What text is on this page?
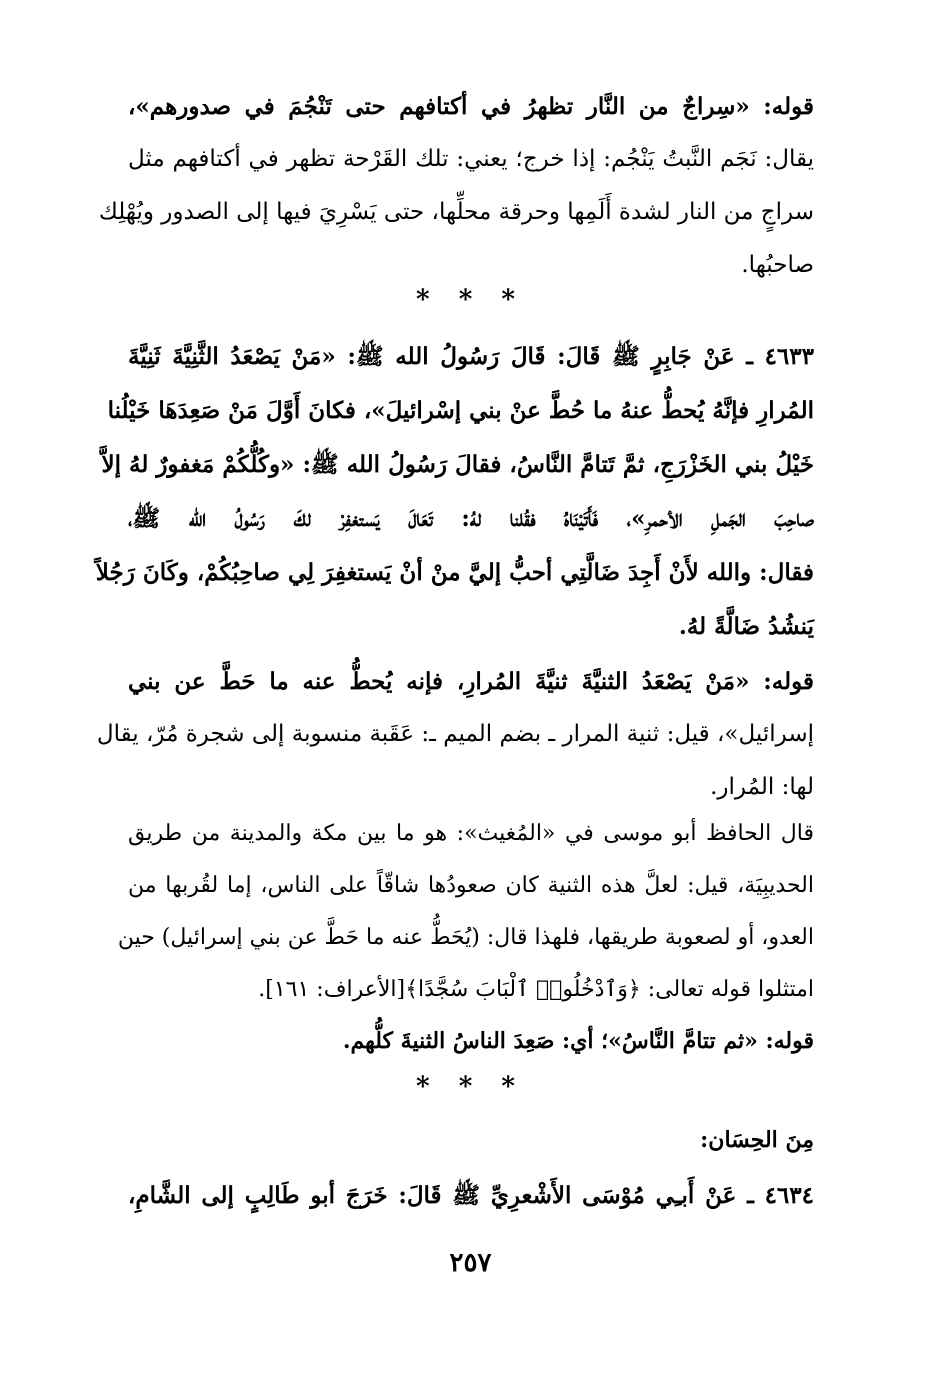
قوله: «سِراجٌ من النَّار تظهرُ في أكتافهم حتى تَنْجُمَ في صدورهم»،
يقال: نَجَم النَّبتُ يَنْجُم: إذا خرج؛ يعني: تلك القَرْحة تظهر في أكتافهم مثل
سراجٍ من النار لشدة أَلَمِها وحرقة محلِّها، حتى يَسْرِيَ فيها إلى الصدور ويُهْلِك
صاحبُها.
* * *
٤٦٣٣ ـ عَنْ جَابِرٍ ﷺ قَالَ: قَالَ رَسُولُ الله ﷺ: «مَنْ يَصْعَدُ الثَّنِيَّةَ ثَنِيَّةَ
المُرارِ فإنَّهُ يُحطُّ عنهُ ما حُطَّ عنْ بني إسْرائيلَ»، فكانَ أَوَّلَ مَنْ صَعِدَهَا خَيْلُنا
خَيْلُ بني الخَزْرَجِ، ثمَّ تَتامَّ النَّاسُ، فقالَ رَسُولُ الله ﷺ: «وكُلُّكُمْ مَغفورٌ لهُ إلاَّ
صاحِبَ الجَملِ الأحمرِ»، فَأَتَيْنَاهُ فقُلنا لهُ: تَعَالَ يَستغفِرْ لكَ رَسُولُ الله ﷺ،
فقال: والله لأَنْ أَجِدَ ضَالَّتِي أحبُّ إليَّ منْ أنْ يَستغفِرَ لِي صاحِبُكُمْ، وكَانَ رَجُلاً
يَنشُدُ ضَالَّةً لهُ.
قوله: «مَنْ يَصْعَدُ الثنيَّةَ ثنيَّةَ المُرارِ، فإنه يُحطُّ عنه ما حَطَّ عن بني
إسرائيل»، قيل: ثنية المرار ـ بضم الميم ـ: عَقَبة منسوبة إلى شجرة مُرّ، يقال
لها: المُرار.
قال الحافظ أبو موسى في «المُغيث»: هو ما بين مكة والمدينة من طريق
الحديبِيَة، قيل: لعلَّ هذه الثنية كان صعودُها شاقّاً على الناس، إما لقُربها من
العدو، أو لصعوبة طريقها، فلهذا قال: (يُحَطُّ عنه ما حَطَّ عن بني إسرائيل) حين
امتثلوا قوله تعالى: ﴿وَٱدْخُلُوا۟ ٱلْبَابَ سُجَّدًا﴾[الأعراف: ١٦١].
قوله: «ثم تتامَّ النَّاسُ»؛ أي: صَعِدَ الناسُ الثنيةَ كلُّهم.
* * *
مِنَ الحِسَان:
٤٦٣٤ ـ عَنْ أَبـِي مُوْسَى الأَشْعرِيِّ ﷺ قَالَ: خَرَجَ أبو طَالِبٍ إلى الشَّامِ،
٢٥٧
